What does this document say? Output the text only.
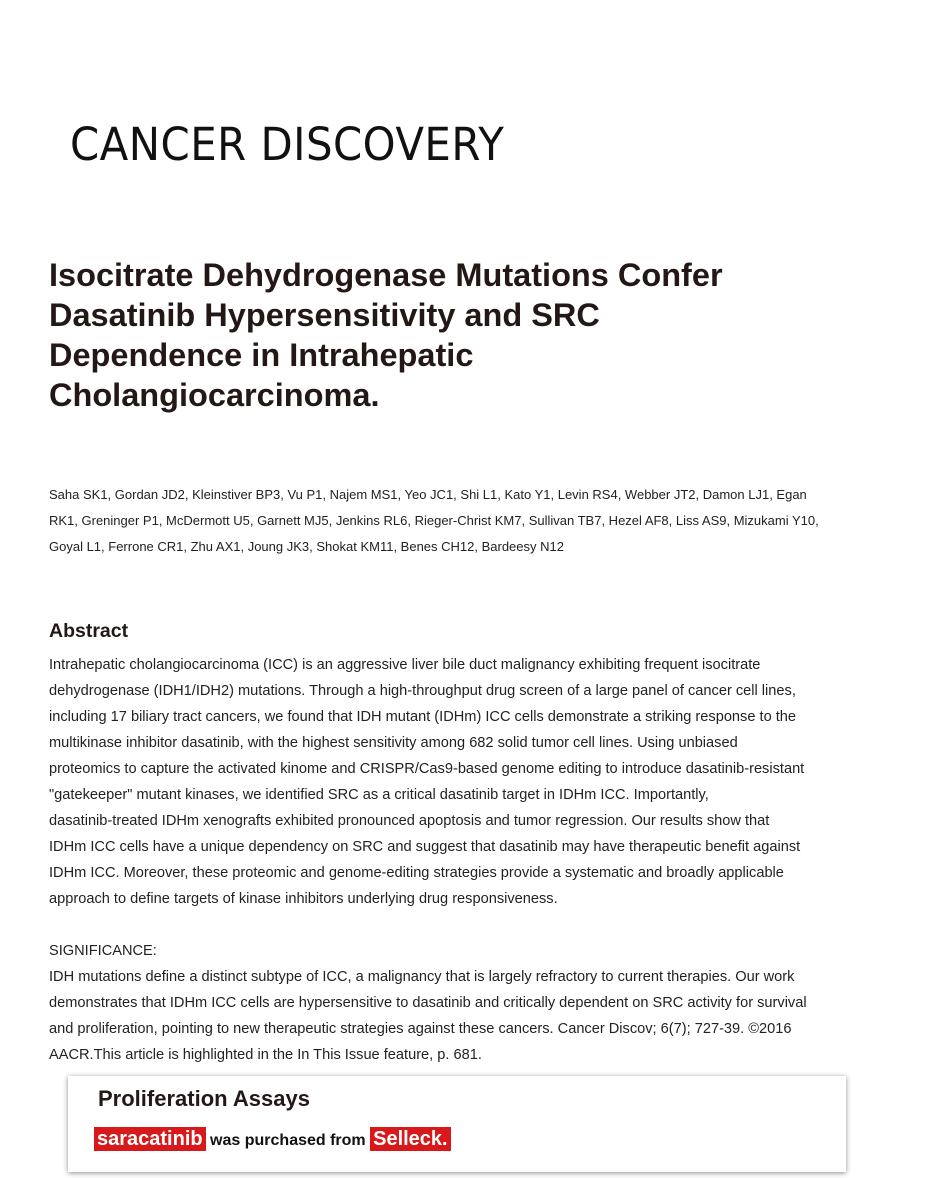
CANCER DISCOVERY
Isocitrate Dehydrogenase Mutations Confer
Dasatinib Hypersensitivity and SRC
Dependence in Intrahepatic
Cholangiocarcinoma.
Saha SK1, Gordan JD2, Kleinstiver BP3, Vu P1, Najem MS1, Yeo JC1, Shi L1, Kato Y1, Levin RS4, Webber JT2, Damon LJ1, Egan
RK1, Greninger P1, McDermott U5, Garnett MJ5, Jenkins RL6, Rieger-Christ KM7, Sullivan TB7, Hezel AF8, Liss AS9, Mizukami Y10,
Goyal L1, Ferrone CR1, Zhu AX1, Joung JK3, Shokat KM11, Benes CH12, Bardeesy N12
Abstract
Intrahepatic cholangiocarcinoma (ICC) is an aggressive liver bile duct malignancy exhibiting frequent isocitrate
dehydrogenase (IDH1/IDH2) mutations. Through a high-throughput drug screen of a large panel of cancer cell lines,
including 17 biliary tract cancers, we found that IDH mutant (IDHm) ICC cells demonstrate a striking response to the
multikinase inhibitor dasatinib, with the highest sensitivity among 682 solid tumor cell lines. Using unbiased
proteomics to capture the activated kinome and CRISPR/Cas9-based genome editing to introduce dasatinib-resistant
"gatekeeper" mutant kinases, we identified SRC as a critical dasatinib target in IDHm ICC. Importantly,
dasatinib-treated IDHm xenografts exhibited pronounced apoptosis and tumor regression. Our results show that
IDHm ICC cells have a unique dependency on SRC and suggest that dasatinib may have therapeutic benefit against
IDHm ICC. Moreover, these proteomic and genome-editing strategies provide a systematic and broadly applicable
approach to define targets of kinase inhibitors underlying drug responsiveness.
SIGNIFICANCE:
IDH mutations define a distinct subtype of ICC, a malignancy that is largely refractory to current therapies. Our work
demonstrates that IDHm ICC cells are hypersensitive to dasatinib and critically dependent on SRC activity for survival
and proliferation, pointing to new therapeutic strategies against these cancers. Cancer Discov; 6(7); 727-39. ©2016
AACR.This article is highlighted in the In This Issue feature, p. 681.
Proliferation Assays
saracatinib was purchased from Selleck.
